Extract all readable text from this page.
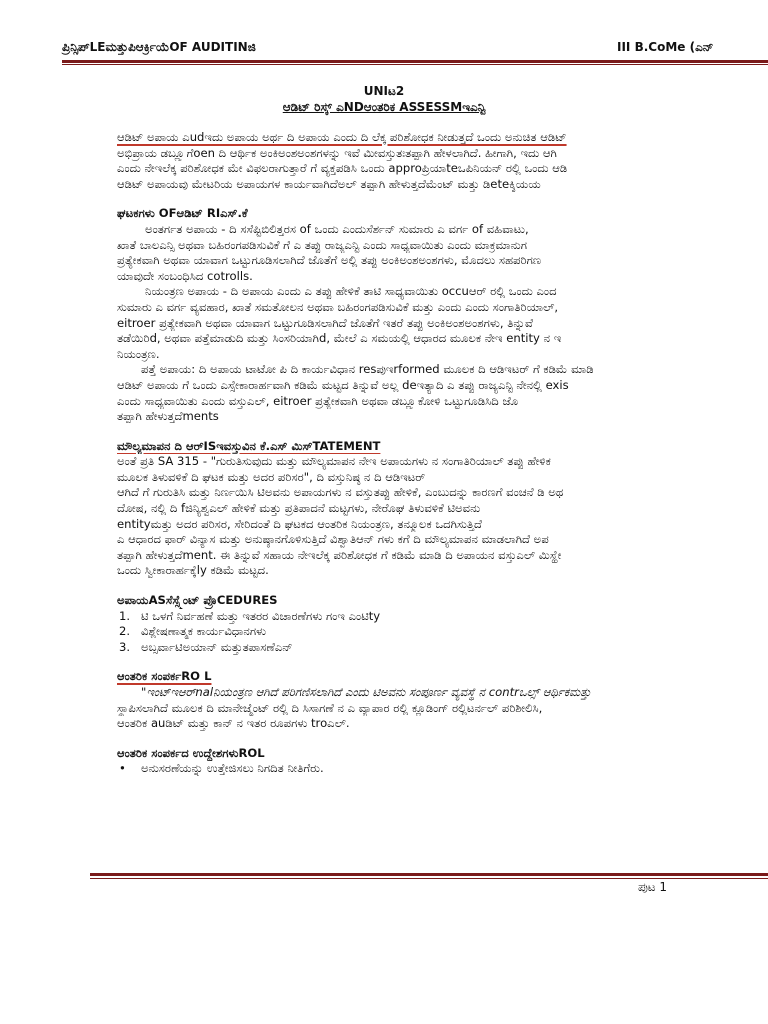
ಪ್ರಿನ್ಸಿಪ್LEಮತ್ತುಪಿಆರ್ಕ್ರಿಯೆOF AUDITINಜಿ	III B.CoMe (ಎನ್
UNIಟ2
ಆಡಿಟ್ ರಿಸ್ಕ್ ಎNDಆಂತರಿಕ ASSESSMಇಎನ್ಟಿ
ಆಡಿಟ್ ಅಪಾಯ ಎudಇದು ಅಪಾಯ ಅರ್ಥ ದಿ ಅಪಾಯ ಎಂದು ದಿ ಲೆಕ್ಕ ಪರಿಶೋಧಕ ನೀಡುತ್ತದೆ ಒಂದು ಅನುಚಿತ ಆಡಿಟ್
ಅಭಿಪ್ರಾಯ ಡಬ್ಲ್ಯೂಗೆoen ದಿ ಆರ್ಥಿಕ ಅಂಕಿಅಂಶಅಂಶಗಳನ್ನು ಇವೆ ಮೀವಸ್ತುತಃತಪ್ಪಾಗಿ ಹೇಳಲಾಗಿದೆ. ಹೀಗಾಗಿ, ಇದು ಆಗಿ
ಎಂದು ನೇಇಲೆಕ್ಕ ಪರಿಶೋಧಕ ಮೇ ವಿಫಲರಾಗುತ್ತಾರೆ ಗೆ ವ್ಯಕ್ತಪಡಿಸಿ ಒಂದು approಪ್ರಿಯಾteಒಪಿನಿಯನ್ ರಲ್ಲಿ ಒಂದು ಆಡಿ
ಆಡಿಟ್ ಅಪಾಯವು ಮೇಟರಿಯ ಅಪಾಯಗಳ ಕಾರ್ಯವಾಗಿದೆಅಲ್ ತಪ್ಪಾಗಿ ಹೇಳುತ್ತದೆಮೆಂಟ್ ಮತ್ತು ಡಿeteಕ್ಶಿಯಯ
ಘಟಕಗಳು OFಆಡಿಟ್ RIಎಸ್.ಕೆ
ಅಂತರ್ಗತ ಅಪಾಯ - ದಿ ಸಸೆಪ್ಟಿಬಿಲಿತ್ತರಸ of ಒಂದು ಎಂದುಸೆರ್ಶನ್ ಸುಮಾರು ಎ ವರ್ಗ of ವಹಿವಾಟು,
ಖಾತೆ ಬಾಲಎನ್ಸಿ ಅಥವಾ ಬಹಿರಂಗಪಡಿಸುವಿಕೆ ಗೆ ಎ ತಪ್ಪು ರಾಜ್ಯಎನ್ಟಿ ಎಂದು ಸಾಧ್ಯವಾಯಿತು ಎಂದು ಮಾಕ್ರಮಾನುಗ
ಪ್ರತ್ಯೇಕವಾಗಿ ಅಥವಾ ಯಾವಾಗ ಒಟ್ಟುಗೂಡಿಸಲಾಗಿದೆ ಜೊತೆಗೆ ಅಲ್ಲಿ ತಪ್ಪು ಅಂಕಿಅಂಶಅಂಶಗಳು, ಮೊದಲು ಸಹಪರಿಗಣ
ಯಾವುದೇ ಸಂಬಂಧಿಸಿದ cotrolls.
ನಿಯಂತ್ರಣ ಅಪಾಯ - ದಿ ಅಪಾಯ ಎಂದು ಎ ತಪ್ಪು ಹೇಳಿಕೆ ತಾಟಿ ಸಾಧ್ಯವಾಯಿತು occuಆರ್ ರಲ್ಲಿ ಒಂದು ಎಂದ
ಸುಮಾರು ಎ ವರ್ಗ ವ್ಯವಹಾರ, ಖಾತೆ ಸಮತೋಲನ ಅಥವಾ ಬಹಿರಂಗಪಡಿಸುವಿಕೆ ಮತ್ತು ಎಂದು ಎಂದು ಸಂಗಾತಿರಿಯಾಲ್,
eitroer ಪ್ರತ್ಯೇಕವಾಗಿ ಅಥವಾ ಯಾವಾಗ ಒಟ್ಟುಗೂಡಿಸಲಾಗಿದೆ ಜೊತೆಗೆ ಇತರೆ ತಪ್ಪು ಅಂಕಿಅಂಶಅಂಶಗಳು, ತಿನ್ನುವೆ
ತಡೆಯಿರಿd, ಅಥವಾ ಪತ್ತೆಮಾಡುದಿ ಮತ್ತು ಸಿಂಸರಿಯಾಗಿd, ಮೇಲೆ ಎ ಸಮಯಲ್ಲಿ ಆಧಾರದ ಮೂಲಕ ನೇಇ entity ನ ಇ
ನಿಯಂತ್ರಣ.
ಪತ್ತೆ ಅಪಾಯ: ದಿ ಅಪಾಯ ಟಾಟೋ ಪಿ ದಿ ಕಾರ್ಯವಿಧಾನ resಪುಇrformed ಮೂಲಕ ದಿ ಆಡಿಇಟರ್ ಗೆ ಕಡಿಮೆ ಮಾಡಿ
ಆಡಿಟ್ ಅಪಾಯ ಗೆ ಒಂದು ಎಸ್ಸೇಕಾರಾರ್ಹವಾಗಿ ಕಡಿಮೆ ಮಟ್ಟದ ತಿನ್ನುವೆ ಅಲ್ಲ deಇತ್ಯಾದಿ ಎ ತಪ್ಪು ರಾಜ್ಯಎನ್ಟಿ ನೇನಲ್ಲಿ exis
ಎಂದು ಸಾಧ್ಯವಾಯಿತು ಎಂದು ವಸ್ತುಎಲ್, eitroer ಪ್ರತ್ಯೇಕವಾಗಿ ಅಥವಾ ಡಬ್ಲ್ಯೂಕೋಳಿ ಒಟ್ಟುಗೂಡಿಸಿದಿ ಜೊ
ತಪ್ಪಾಗಿ ಹೇಳುತ್ತದೆments
ಮೌಲ್ಯಮಾಪನ ದಿ ಆರ್ISಇವಸ್ತುವಿನ ಕೆ.ಎಸ್ ಮಿಸ್TATEMENT
ಅಂತೆ ಪ್ರತಿ SA 315 - "ಗುರುತಿಸುವುದು ಮತ್ತು ಮೌಲ್ಯಮಾಪನ ನೇಇ ಅಪಾಯಗಳು ನ ಸಂಗಾತಿರಿಯಾಲ್ ತಪ್ಪು ಹೇಳಿಕ
ಮೂಲಕ ತಿಳುವಳಿಕೆ ದಿ ಘಟಕ ಮತ್ತು ಅದರ ಪರಿಸರ", ದಿ ವಸ್ತುನಿಷ್ಠ ನ ದಿ ಆಡಿಇಟರ್
ಆಗಿದೆ ಗೆ ಗುರುತಿಸಿ ಮತ್ತು ನಿರ್ಣಯಿಸಿ ಟಿಅವನು ಅಪಾಯಗಳು ನ ವಸ್ತುತಪ್ಪು ಹೇಳಿಕೆ, ಎಂಬುದನ್ನು ಕಾರಣಗೆ ವಂಚನೆ ಡಿ ಅಥ
ದೋಷ, ನಲ್ಲಿ ದಿ fಜಿನ್ಯಿಶ್ವಎಲ್ ಹೇಳಿಕೆ ಮತ್ತು ಪ್ರತಿಪಾದನೆ ಮಟ್ಟಗಳು, ನೇರೊಘ ತಿಳುವಳಿಕೆ ಟಿಅವನು
entityಮತ್ತು ಅದರ ಪರಿಸರ, ಸೇರಿದಂತೆ ದಿ ಘಟಕದ ಆಂತರಿಕ ನಿಯಂತ್ರಣ, ತನ್ಮೂಲಕ ಒದಗಿಸುತ್ತಿದೆ
ಎ ಆಧಾರದ ಫಾರ್ ವಿನ್ಯಾಸ ಮತ್ತು ಅನುಷ್ಠಾನಗೊಳಿಸುತ್ತಿದೆ ವಿಶ್ವಾತಿಆನ್ ಗಳು ಕಗೆ ದಿ ಮೌಲ್ಯಮಾಪನ ಮಾಡಲಾಗಿದೆ ಅಪ
ತಪ್ಪಾಗಿ ಹೇಳುತ್ತದೆment. ಈ ತಿನ್ನುವೆ ಸಹಾಯ ನೇಇಲೆಕ್ಕ ಪರಿಶೋಧಕ ಗೆ ಕಡಿಮೆ ಮಾಡಿ ದಿ ಅಪಾಯನ ವಸ್ತುಎಲ್ ಮಿಸ್ಹೇ
ಒಂದು ಸ್ವೀಕಾರಾರ್ಹಕ್ಕೆly ಕಡಿಮೆ ಮಟ್ಟದ.
ಅಪಾಯASಸೆಸ್ಸ್ಮೆಂಟ್ ಪ್ರೊCEDURES
1. ಟಿ ಒಳಗೆ ನಿರ್ವಹಣೆ ಮತ್ತು ಇತರರ ವಿಚಾರಣೆಗಳು ಗಂಇ ಎಂಟಿty
2. ವಿಶ್ಲೇಷಣಾತ್ಮಕ ಕಾರ್ಯವಿಧಾನಗಳು
3. ಅಬ್ಸರ್ವಾಟಿಅಯಾನ್ ಮತ್ತುತಪಾಸಣೆಎನ್
ಆಂತರಿಕ ಸಂಪರ್ಕRO L
"ಇಂಟ್ಇಆರ್nalನಿಯಂತ್ರಣ ಆಗಿದೆ ಪರಿಗಣಿಸಲಾಗಿದೆ ಎಂದು ಟಿಅವನು ಸಂಪೂರ್ಣ ವ್ಯವಸ್ಥೆ ನ contrಒಲ್ಸ್ ಆರ್ಥಿಕಮತ್ತು
ಸ್ಥಾಪಿಸಲಾಗಿದೆ ಮೂಲಕ ದಿ ಮಾನೇಜ್ಮೆಂಟ್ ರಲ್ಲಿ ದಿ ಸಿಸಾಗಣೆ ನ ಎ ವ್ಯಾಪಾರ ರಲ್ಲಿ ಕ್ಲೂಡಿಂಗ್ ರಲ್ಲಿಟರ್ನಲ್ ಪರಿಶೀಲಿಸಿ,
ಆಂತರಿಕ auಡಿಟ್ ಮತ್ತು ಕಾನ್ ನ ಇತರ ರೂಪಗಳು troಎಲ್.
ಆಂತರಿಕ ಸಂಪರ್ಕದ ಉದ್ದೇಶಗಳುROL
• ಅನುಸರಣೆಯನ್ನು ಉತ್ತೇಜಿಸಲು ನಿಗದಿತ ನೀತಿಗೆರು.
ಪುಟ 1
